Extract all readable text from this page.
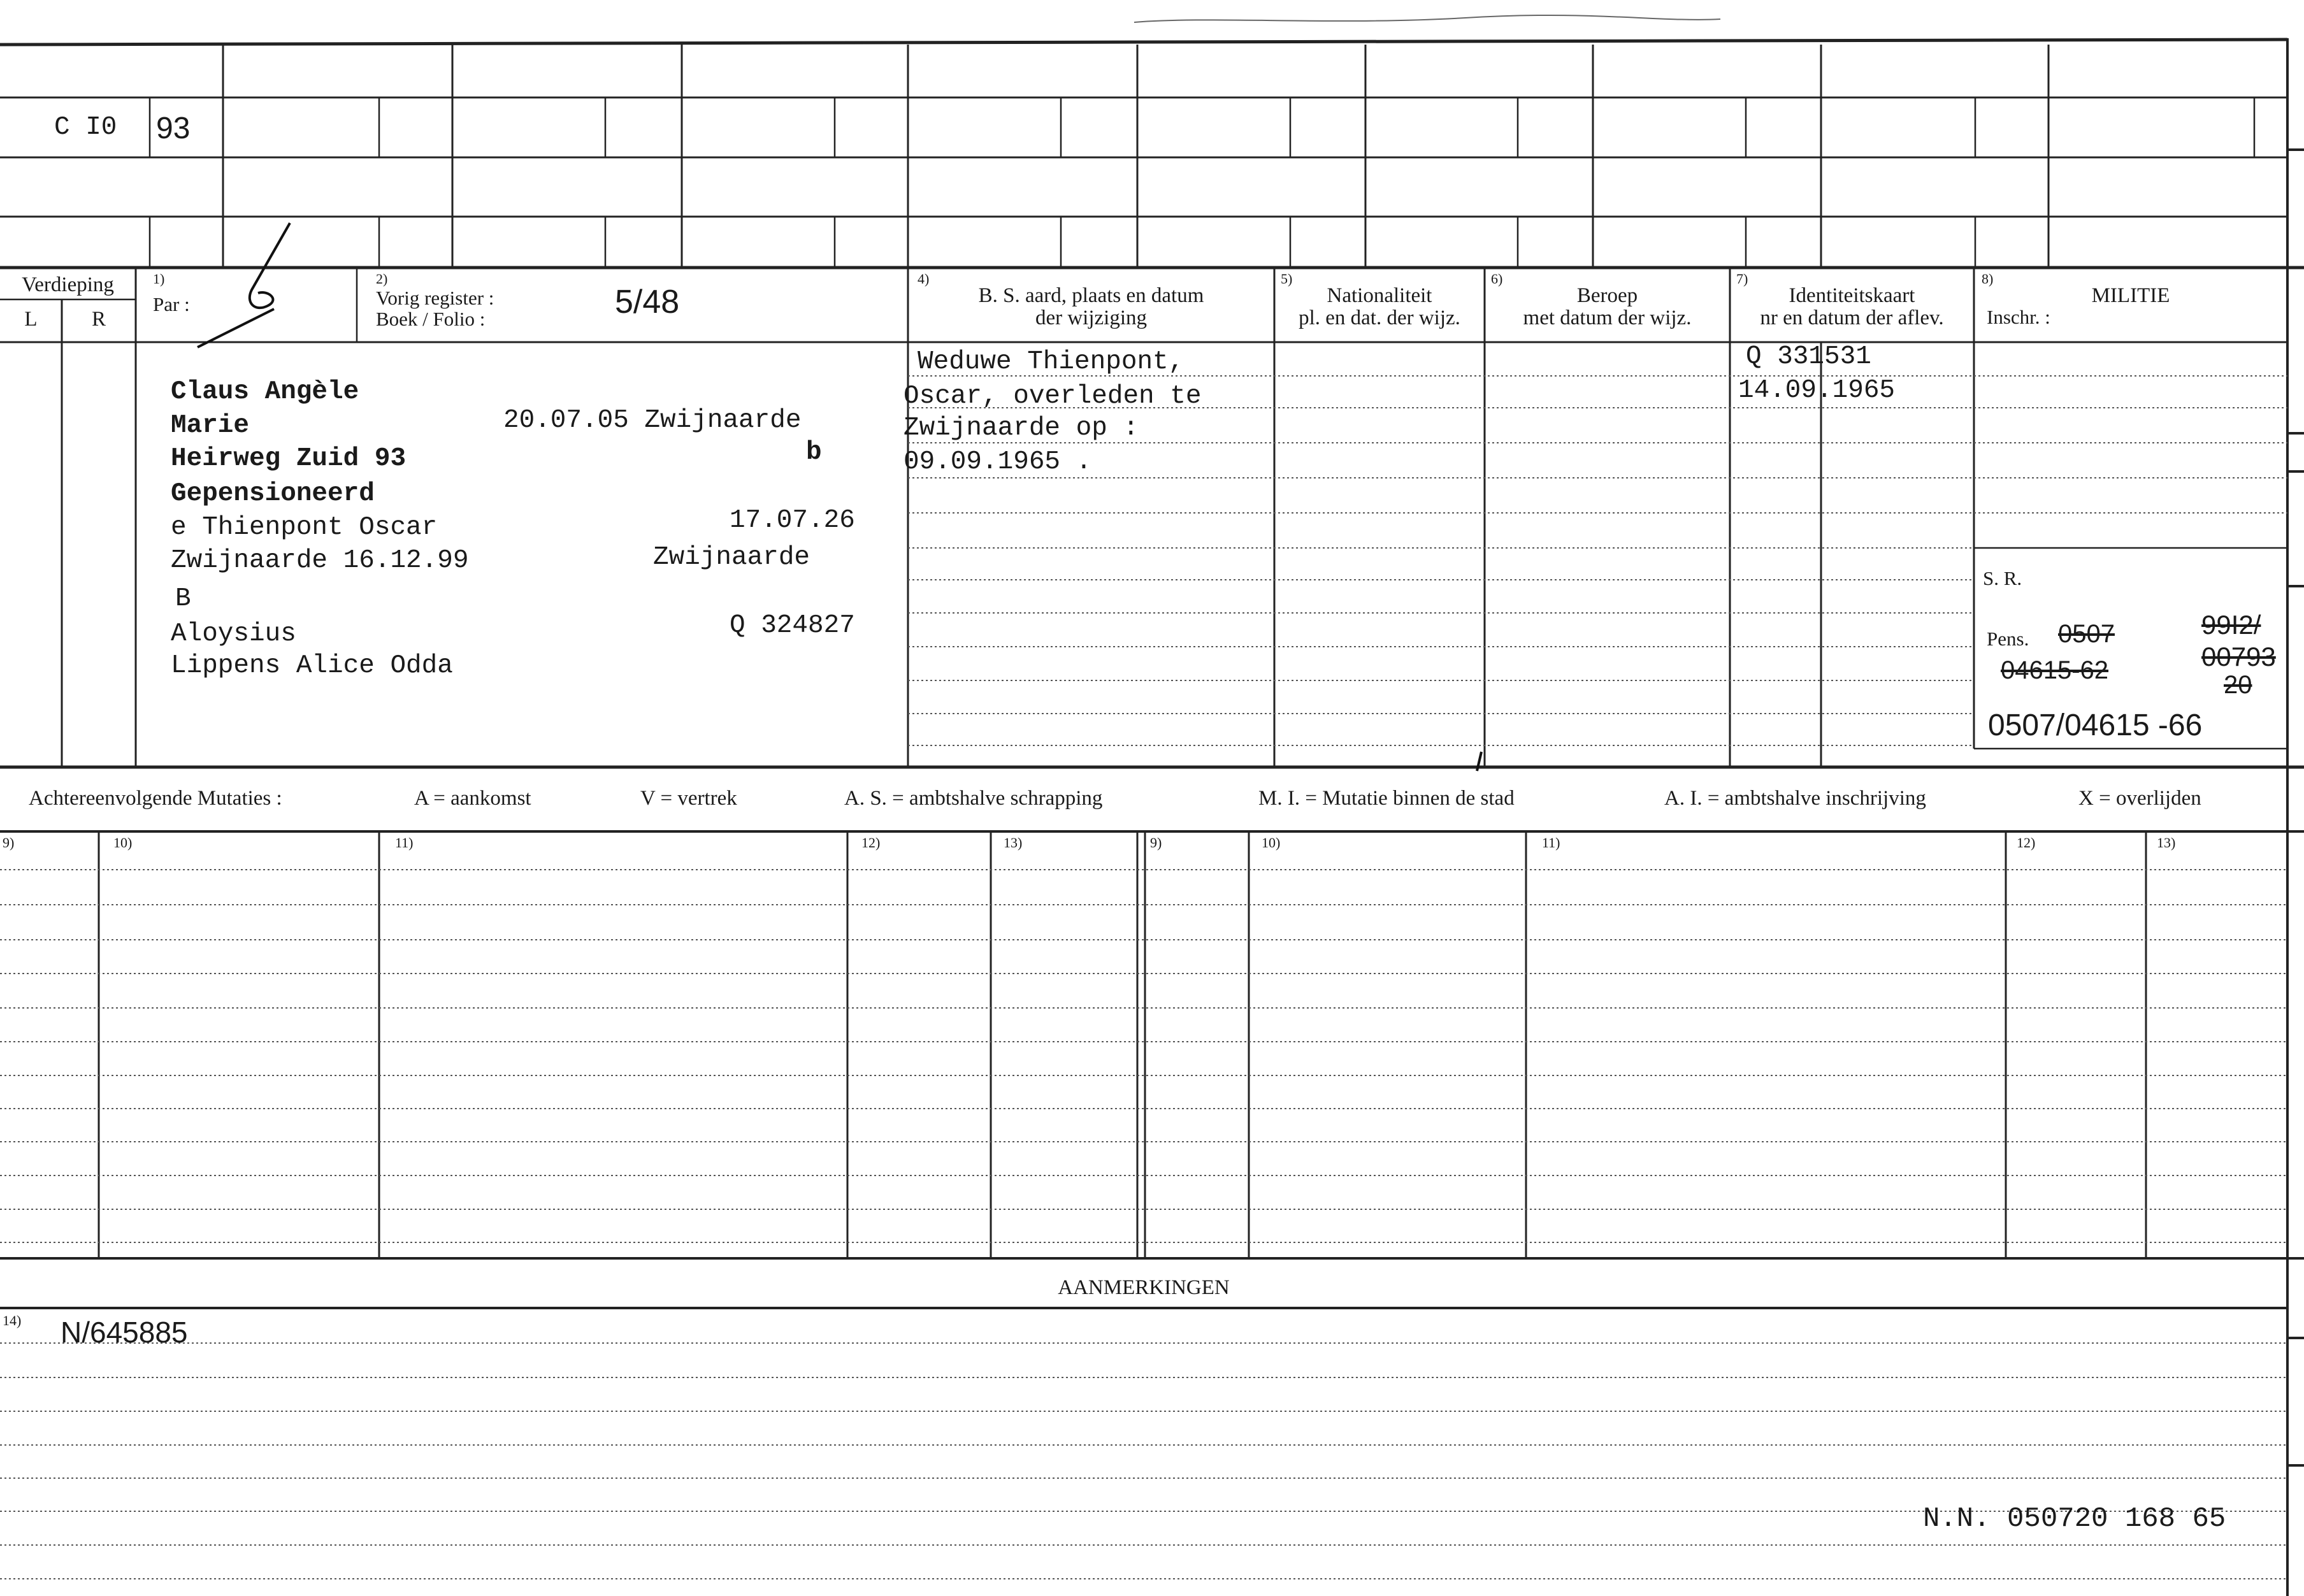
C I0 93
Verdieping
L	R
1)
Par :
2)
Vorig register :
Boek / Folio :	5/48
4)
B. S. aard, plaats en datum
der wijziging
5)
Nationaliteit
pl. en dat. der wijz.
6)
Beroep
met datum der wijz.
7)
Identiteitskaart
nr en datum der aflev.
8)
MILITIE
Inschr. :
Claus Angèle
Marie	20.07.05 Zwijnaarde
Heirweg Zuid 93	b
Gepensioneerd
e Thienpont Oscar	17.07.26
Zwijnaarde 16.12.99	Zwijnaarde
B
Aloysius	Q 324827
Lippens Alice Odda
Weduwe Thienpont,
Oscar, overleden te
Zwijnaarde op :
09.09.1965 .
Q 331531
14.09.1965
S. R.
Pens. 0507
04615-62
99I2/
00793
20
0507/04615 -66
Achtereenvolgende Mutaties :	A = aankomst	V = vertrek	A. S. = ambtshalve schrapping	M. I. = Mutatie binnen de stad	A. I. = ambtshalve inschrijving	X = overlijden
9)	10)	11)	12)	13)	9)	10)	11)	12)	13)
AANMERKINGEN
14) N/645885
N.N. 050720 168 65
